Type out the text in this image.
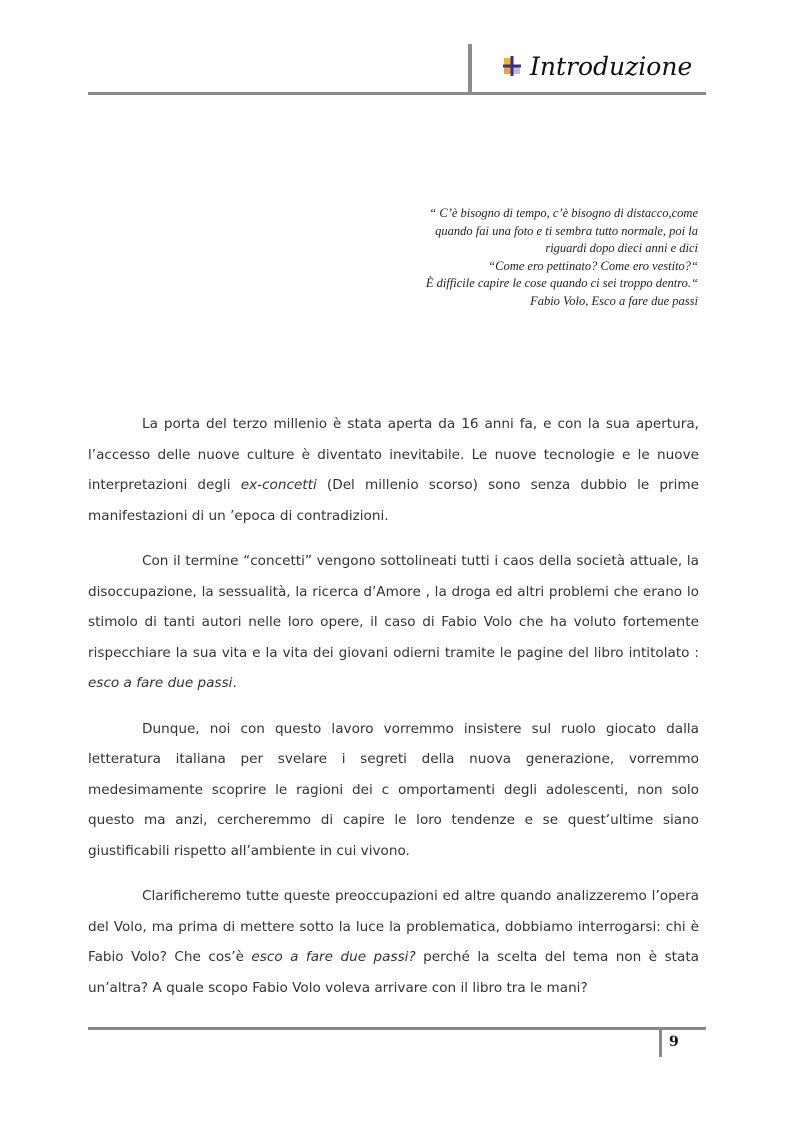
Introduzione
“ C’è bisogno di tempo, c’è bisogno di distacco,come
quando fai una foto e ti sembra tutto normale, poi la
riguardi dopo dieci anni e dici
“Come ero pettinato? Come ero vestito?“
È difficile capire le cose quando ci sei troppo dentro.“
Fabio Volo, Esco a fare due passi

La porta del terzo millenio è stata aperta da 16 anni fa, e con la sua apertura, l’accesso delle nuove culture è diventato inevitabile. Le nuove tecnologie e le nuove interpretazioni degli ex-concetti (Del millenio scorso) sono senza dubbio le prime manifestazioni di un ’epoca di contradizioni.

Con il termine “concetti” vengono sottolineati tutti i caos della società attuale, la disoccupazione, la sessualità, la ricerca d’Amore , la droga ed altri problemi che erano lo stimolo di tanti autori nelle loro opere, il caso di Fabio Volo che ha voluto fortemente rispecchiare la sua vita e la vita dei giovani odierni tramite le pagine del libro intitolato : esco a fare due passi.

Dunque, noi con questo lavoro vorremmo insistere sul ruolo giocato dalla letteratura italiana per svelare i segreti della nuova generazione, vorremmo medesimamente scoprire le ragioni dei c omportamenti degli adolescenti, non solo questo ma anzi, cercheremmo di capire le loro tendenze e se quest’ultime siano giustificabili rispetto all’ambiente in cui vivono.

Clarificheremo tutte queste preoccupazioni ed altre quando analizzeremo l’opera del Volo, ma prima di mettere sotto la luce la problematica, dobbiamo interrogarsi: chi è Fabio Volo? Che cos’è esco a fare due passi? perché la scelta del tema non è stata un’altra? A quale scopo Fabio Volo voleva arrivare con il libro tra le mani?

9
